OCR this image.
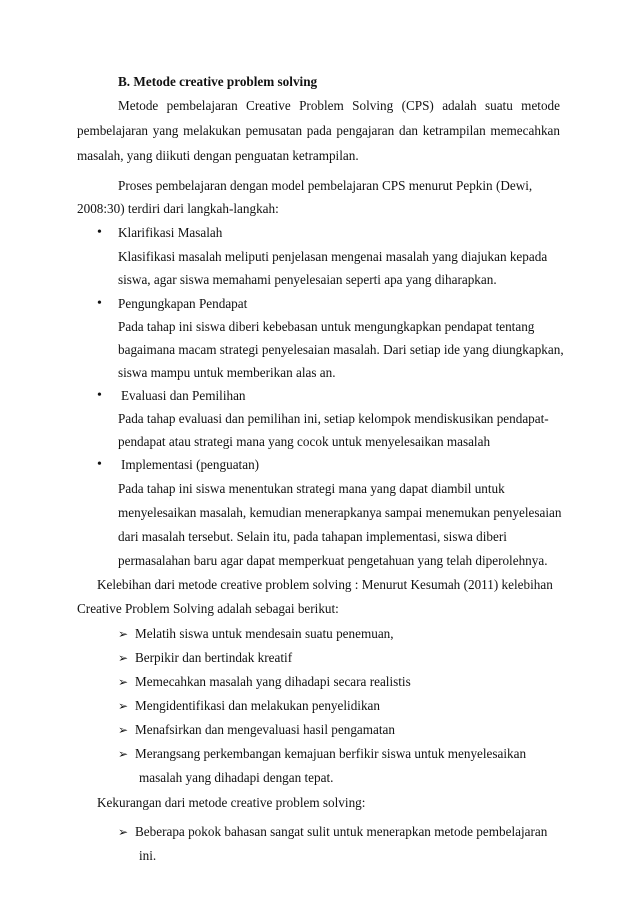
B. Metode creative problem solving
Metode pembelajaran Creative Problem Solving (CPS) adalah suatu metode
pembelajaran yang melakukan pemusatan pada pengajaran dan ketrampilan memecahkan
masalah, yang diikuti dengan penguatan ketrampilan.
Proses pembelajaran dengan model pembelajaran CPS menurut Pepkin (Dewi,
2008:30) terdiri dari langkah-langkah:
• Klarifikasi Masalah
Klasifikasi masalah meliputi penjelasan mengenai masalah yang diajukan kepada
siswa, agar siswa memahami penyelesaian seperti apa yang diharapkan.
• Pengungkapan Pendapat
Pada tahap ini siswa diberi kebebasan untuk mengungkapkan pendapat tentang
bagaimana macam strategi penyelesaian masalah. Dari setiap ide yang diungkapkan,
siswa mampu untuk memberikan alas an.
• Evaluasi dan Pemilihan
Pada tahap evaluasi dan pemilihan ini, setiap kelompok mendiskusikan pendapat-
pendapat atau strategi mana yang cocok untuk menyelesaikan masalah
• Implementasi (penguatan)
Pada tahap ini siswa menentukan strategi mana yang dapat diambil untuk
menyelesaikan masalah, kemudian menerapkanya sampai menemukan penyelesaian
dari masalah tersebut. Selain itu, pada tahapan implementasi, siswa diberi
permasalahan baru agar dapat memperkuat pengetahuan yang telah diperolehnya.
Kelebihan dari metode creative problem solving : Menurut Kesumah (2011) kelebihan
Creative Problem Solving adalah sebagai berikut:
➢ Melatih siswa untuk mendesain suatu penemuan,
➢ Berpikir dan bertindak kreatif
➢ Memecahkan masalah yang dihadapi secara realistis
➢ Mengidentifikasi dan melakukan penyelidikan
➢ Menafsirkan dan mengevaluasi hasil pengamatan
➢ Merangsang perkembangan kemajuan berfikir siswa untuk menyelesaikan
masalah yang dihadapi dengan tepat.
Kekurangan dari metode creative problem solving:
➢ Beberapa pokok bahasan sangat sulit untuk menerapkan metode pembelajaran
ini.
